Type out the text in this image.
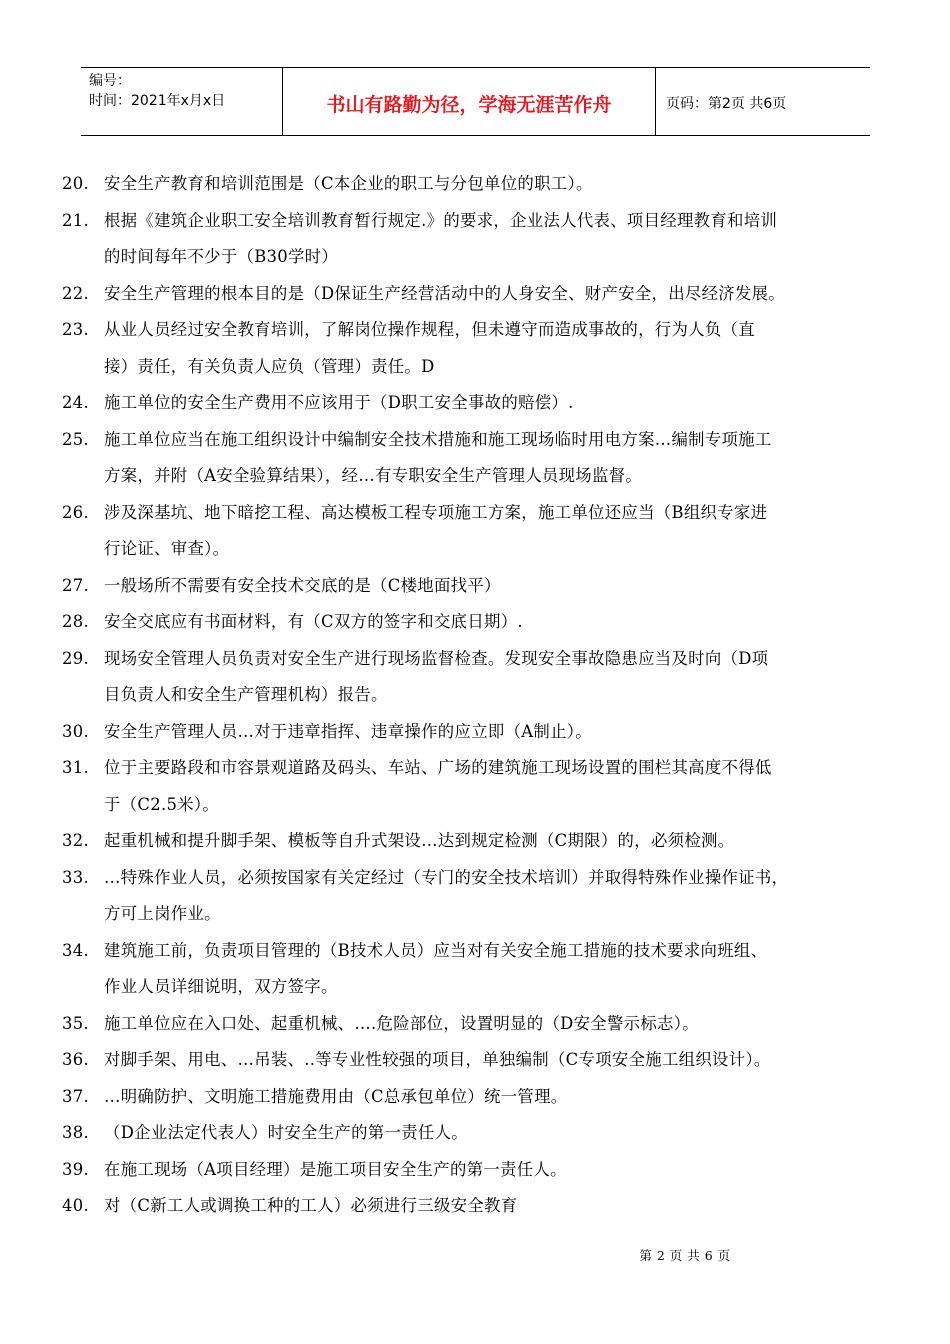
编号：
时间：2021年x月x日	书山有路勤为径，学海无涯苦作舟	页码：第2页 共6页
20. 安全生产教育和培训范围是（C本企业的职工与分包单位的职工）。
21. 根据《建筑企业职工安全培训教育暂行规定.》的要求，企业法人代表、项目经理教育和培训
的时间每年不少于（B30学时）
22. 安全生产管理的根本目的是（D保证生产经营活动中的人身安全、财产安全，出尽经济发展。
23. 从业人员经过安全教育培训，了解岗位操作规程，但未遵守而造成事故的，行为人负（直
接）责任，有关负责人应负（管理）责任。D
24. 施工单位的安全生产费用不应该用于（D职工安全事故的赔偿）.
25. 施工单位应当在施工组织设计中编制安全技术措施和施工现场临时用电方案…编制专项施工
方案，并附（A安全验算结果），经…有专职安全生产管理人员现场监督。
26. 涉及深基坑、地下暗挖工程、高达模板工程专项施工方案，施工单位还应当（B组织专家进
行论证、审查）。
27. 一般场所不需要有安全技术交底的是（C楼地面找平）
28. 安全交底应有书面材料，有（C双方的签字和交底日期）.
29. 现场安全管理人员负责对安全生产进行现场监督检查。发现安全事故隐患应当及时向（D项
目负责人和安全生产管理机构）报告。
30. 安全生产管理人员…对于违章指挥、违章操作的应立即（A制止）。
31. 位于主要路段和市容景观道路及码头、车站、广场的建筑施工现场设置的围栏其高度不得低
于（C2.5米）。
32. 起重机械和提升脚手架、模板等自升式架设…达到规定检测（C期限）的，必须检测。
33. …特殊作业人员，必须按国家有关定经过（专门的安全技术培训）并取得特殊作业操作证书，
方可上岗作业。
34. 建筑施工前，负责项目管理的（B技术人员）应当对有关安全施工措施的技术要求向班组、
作业人员详细说明，双方签字。
35. 施工单位应在入口处、起重机械、….危险部位，设置明显的（D安全警示标志）。
36. 对脚手架、用电、…吊装、..等专业性较强的项目，单独编制（C专项安全施工组织设计）。
37. …明确防护、文明施工措施费用由（C总承包单位）统一管理。
38. （D企业法定代表人）时安全生产的第一责任人。
39. 在施工现场（A项目经理）是施工项目安全生产的第一责任人。
40. 对（C新工人或调换工种的工人）必须进行三级安全教育
第 2 页 共 6 页
